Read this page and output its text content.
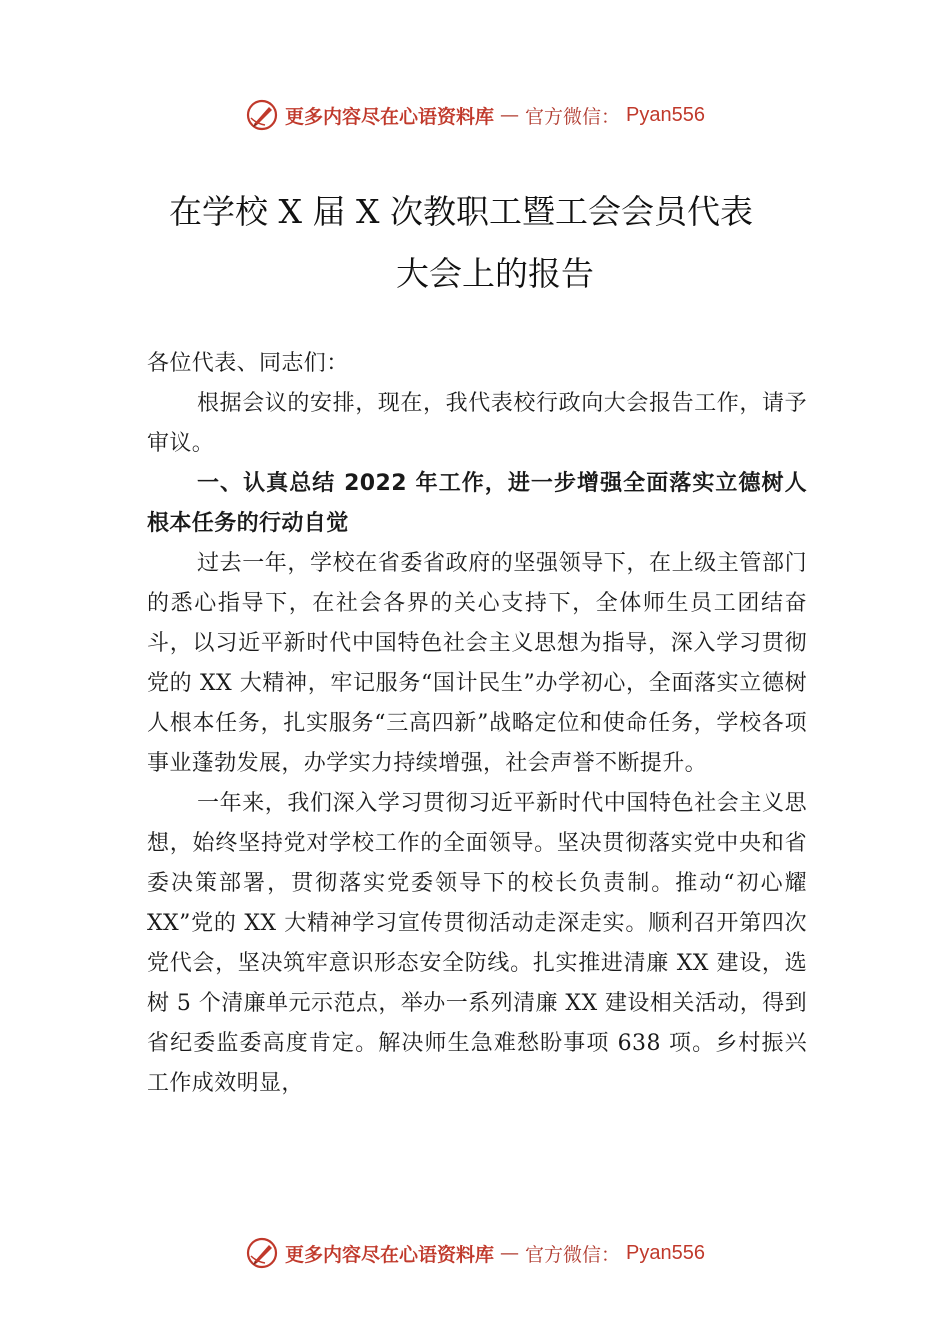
更多内容尽在心语资料库 — 官方微信： Pyan556
在学校 X 届 X 次教职工暨工会会员代表
大会上的报告

各位代表、同志们：

根据会议的安排，现在，我代表校行政向大会报告工作，请予审议。

一、认真总结 2022 年工作，进一步增强全面落实立德树人根本任务的行动自觉

过去一年，学校在省委省政府的坚强领导下，在上级主管部门的悉心指导下，在社会各界的关心支持下，全体师生员工团结奋斗，以习近平新时代中国特色社会主义思想为指导，深入学习贯彻党的 XX 大精神，牢记服务“国计民生”办学初心，全面落实立德树人根本任务，扎实服务“三高四新”战略定位和使命任务，学校各项事业蓬勃发展，办学实力持续增强，社会声誉不断提升。

一年来，我们深入学习贯彻习近平新时代中国特色社会主义思想，始终坚持党对学校工作的全面领导。坚决贯彻落实党中央和省委决策部署，贯彻落实党委领导下的校长负责制。推动“初心耀 XX”党的 XX 大精神学习宣传贯彻活动走深走实。顺利召开第四次党代会，坚决筑牢意识形态安全防线。扎实推进清廉 XX 建设，选树 5 个清廉单元示范点，举办一系列清廉 XX 建设相关活动，得到省纪委监委高度肯定。解决师生急难愁盼事项 638 项。乡村振兴工作成效明显，

更多内容尽在心语资料库 — 官方微信： Pyan556
